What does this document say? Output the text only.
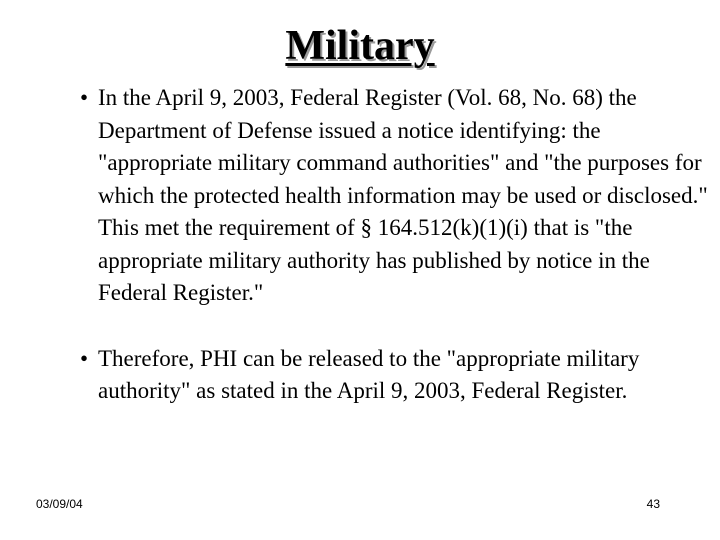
Military
• In the April 9, 2003, Federal Register (Vol. 68, No. 68) the Department of Defense issued a notice identifying: the "appropriate military command authorities" and "the purposes for which the protected health information may be used or disclosed." This met the requirement of § 164.512(k)(1)(i) that is "the appropriate military authority has published by notice in the Federal Register."
• Therefore, PHI can be released to the "appropriate military authority" as stated in the April 9, 2003, Federal Register.
03/09/04	43
